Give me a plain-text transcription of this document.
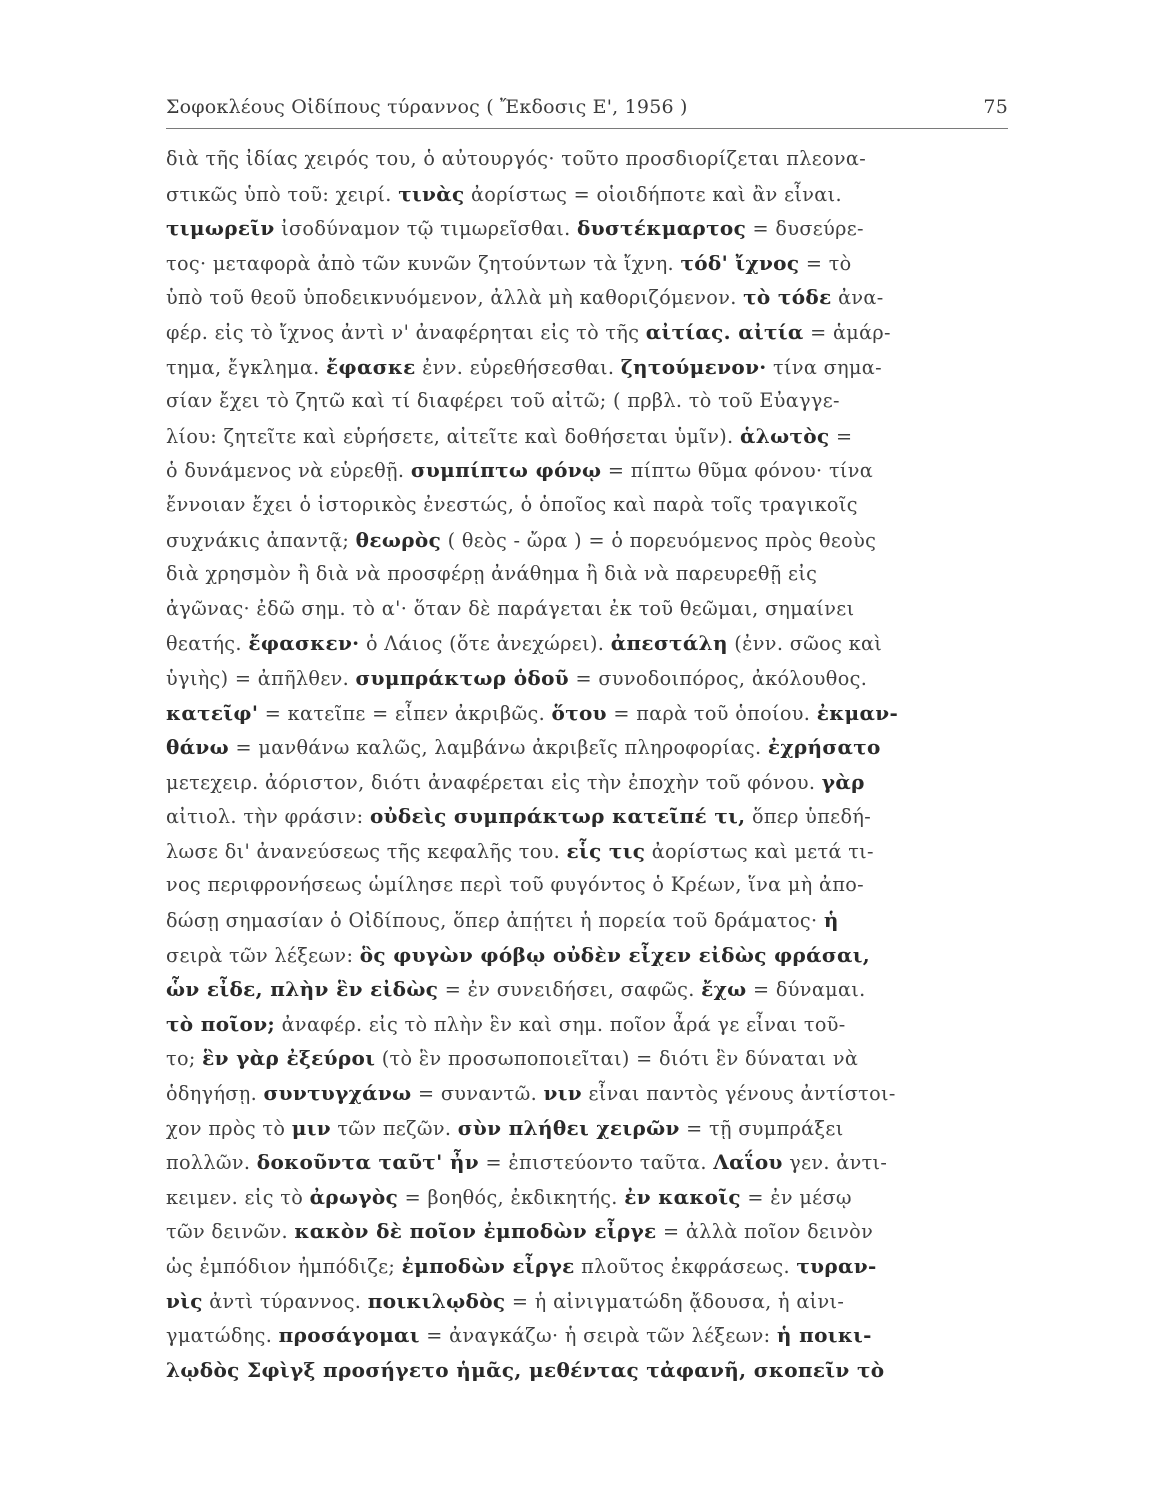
Σοφοκλέους Οἰδίπους τύραννος ( Ἔκδοσις Ε', 1956 )	75
διὰ τῆς ἰδίας χειρός του, ὁ αὐτουργός· τοῦτο προσδιορίζεται πλεονα-
στικῶς ὑπὸ τοῦ: χειρί. τινὰς ἀορίστως = οἱοιδήποτε καὶ ἂν εἶναι.
τιμωρεῖν ἰσοδύναμον τῷ τιμωρεῖσθαι. δυστέκμαρτος = δυσεύρε-
τος· μεταφορὰ ἀπὸ τῶν κυνῶν ζητούντων τὰ ἴχνη. τόδ' ἴχνος = τὸ
ὑπὸ τοῦ θεοῦ ὑποδεικνυόμενον, ἀλλὰ μὴ καθοριζόμενον. τὸ τόδε ἀνα-
φέρ. εἰς τὸ ἴχνος ἀντὶ ν' ἀναφέρηται εἰς τὸ τῆς αἰτίας. αἰτία = ἁμάρ-
τημα, ἔγκλημα. ἔφασκε ἐνν. εὑρεθήσεσθαι. ζητούμενον· τίνα σημα-
σίαν ἔχει τὸ ζητῶ καὶ τί διαφέρει τοῦ αἰτῶ; ( πρβλ. τὸ τοῦ Εὐαγγε-
λίου: ζητεῖτε καὶ εὑρήσετε, αἰτεῖτε καὶ δοθήσεται ὑμῖν). ἁλωτὸς =
ὁ δυνάμενος νὰ εὑρεθῇ. συμπίπτω φόνῳ = πίπτω θῦμα φόνου· τίνα
ἔννοιαν ἔχει ὁ ἱστορικὸς ἐνεστώς, ὁ ὁποῖος καὶ παρὰ τοῖς τραγικοῖς
συχνάκις ἀπαντᾷ; θεωρὸς ( θεὸς - ὤρα ) = ὁ πορευόμενος πρὸς θεοὺς
διὰ χρησμὸν ἢ διὰ νὰ προσφέρῃ ἀνάθημα ἢ διὰ νὰ παρευρεθῇ εἰς
ἀγῶνας· ἐδῶ σημ. τὸ α'· ὅταν δὲ παράγεται ἐκ τοῦ θεῶμαι, σημαίνει
θεατής. ἔφασκεν· ὁ Λάιος (ὅτε ἀνεχώρει). ἀπεστάλη (ἐνν. σῶος καὶ
ὑγιὴς) = ἀπῆλθεν. συμπράκτωρ ὁδοῦ = συνοδοιπόρος, ἀκόλουθος.
κατεῖφ' = κατεῖπε = εἶπεν ἀκριβῶς. ὅτου = παρὰ τοῦ ὁποίου. ἐκμαν-
θάνω = μανθάνω καλῶς, λαμβάνω ἀκριβεῖς πληροφορίας. ἐχρήσατο
μετεχειρ. ἀόριστον, διότι ἀναφέρεται εἰς τὴν ἐποχὴν τοῦ φόνου. γὰρ
αἰτιολ. τὴν φράσιν: οὐδεὶς συμπράκτωρ κατεῖπέ τι, ὅπερ ὑπεδή-
λωσε δι' ἀνανεύσεως τῆς κεφαλῆς του. εἷς τις ἀορίστως καὶ μετά τι-
νος περιφρονήσεως ὡμίλησε περὶ τοῦ φυγόντος ὁ Κρέων, ἵνα μὴ ἀπο-
δώσῃ σημασίαν ὁ Οἰδίπους, ὅπερ ἀπῄτει ἡ πορεία τοῦ δράματος· ἡ
σειρὰ τῶν λέξεων: ὃς φυγὼν φόβῳ οὐδὲν εἶχεν εἰδὼς φράσαι,
ὧν εἶδε, πλὴν ἓν εἰδὼς = ἐν συνειδήσει, σαφῶς. ἔχω = δύναμαι.
τὸ ποῖον; ἀναφέρ. εἰς τὸ πλὴν ἓν καὶ σημ. ποῖον ἆρά γε εἶναι τοῦ-
το; ἓν γὰρ ἐξεύροι (τὸ ἓν προσωποποιεῖται) = διότι ἓν δύναται νὰ
ὁδηγήσῃ. συντυγχάνω = συναντῶ. νιν εἶναι παντὸς γένους ἀντίστοι-
χον πρὸς τὸ μιν τῶν πεζῶν. σὺν πλήθει χειρῶν = τῇ συμπράξει
πολλῶν. δοκοῦντα ταῦτ' ἦν = ἐπιστεύοντο ταῦτα. Λαΐου γεν. ἀντι-
κειμεν. εἰς τὸ ἀρωγὸς = βοηθός, ἐκδικητής. ἐν κακοῖς = ἐν μέσῳ
τῶν δεινῶν. κακὸν δὲ ποῖον ἐμποδὼν εἶργε = ἀλλὰ ποῖον δεινὸν
ὡς ἐμπόδιον ἠμπόδιζε; ἐμποδὼν εἶργε πλοῦτος ἐκφράσεως. τυραν-
νὶς ἀντὶ τύραννος. ποικιλῳδὸς = ἡ αἰνιγματώδη ᾄδουσα, ἡ αἰνι-
γματώδης. προσάγομαι = ἀναγκάζω· ἡ σειρὰ τῶν λέξεων: ἡ ποικι-
λῳδὸς Σφὶγξ προσήγετο ἡμᾶς, μεθέντας τἀφανῆ, σκοπεῖν τὸ
